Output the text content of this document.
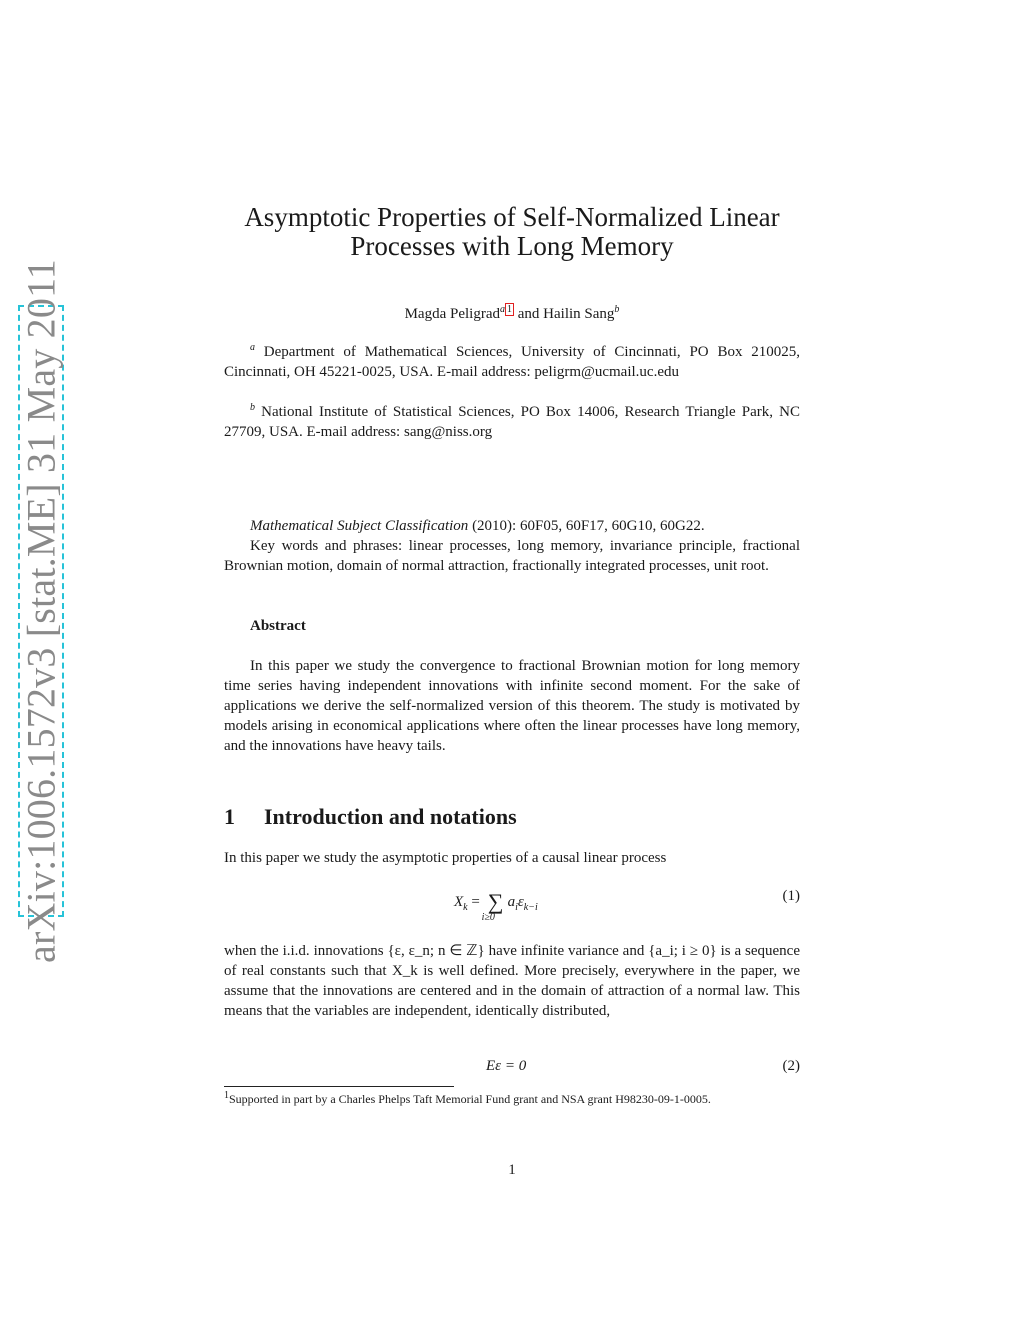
arXiv:1006.1572v3 [stat.ME] 31 May 2011
Asymptotic Properties of Self-Normalized Linear
Processes with Long Memory
Magda Peligrad$^a$ $^1$ and Hailin Sang$^b$
$^a$ Department of Mathematical Sciences, University of Cincinnati, PO Box 210025, Cincinnati, OH 45221-0025, USA. E-mail address: peligrm@ucmail.uc.edu
$^b$ National Institute of Statistical Sciences, PO Box 14006, Research Triangle Park, NC 27709, USA. E-mail address: sang@niss.org
Mathematical Subject Classification (2010): 60F05, 60F17, 60G10, 60G22.
Key words and phrases: linear processes, long memory, invariance principle, fractional Brownian motion, domain of normal attraction, fractionally integrated processes, unit root.
Abstract
In this paper we study the convergence to fractional Brownian motion for long memory time series having independent innovations with infinite second moment. For the sake of applications we derive the self-normalized version of this theorem. The study is motivated by models arising in economical applications where often the linear processes have long memory, and the innovations have heavy tails.
1 Introduction and notations
In this paper we study the asymptotic properties of a causal linear process
$X_k$ = ∑
i≥0
$a_i\varepsilon_{k-i}$
(1)
when the i.i.d. innovations {ε, ε_n; n ∈ ℤ} have infinite variance and {a_i; i ≥ 0} is a sequence of real constants such that X_k is well defined. More precisely, everywhere in the paper, we assume that the innovations are centered and in the domain of attraction of a normal law. This means that the variables are independent, identically distributed,
Eε = 0	(2)
$^1$Supported in part by a Charles Phelps Taft Memorial Fund grant and NSA grant H98230-09-1-0005.
1
